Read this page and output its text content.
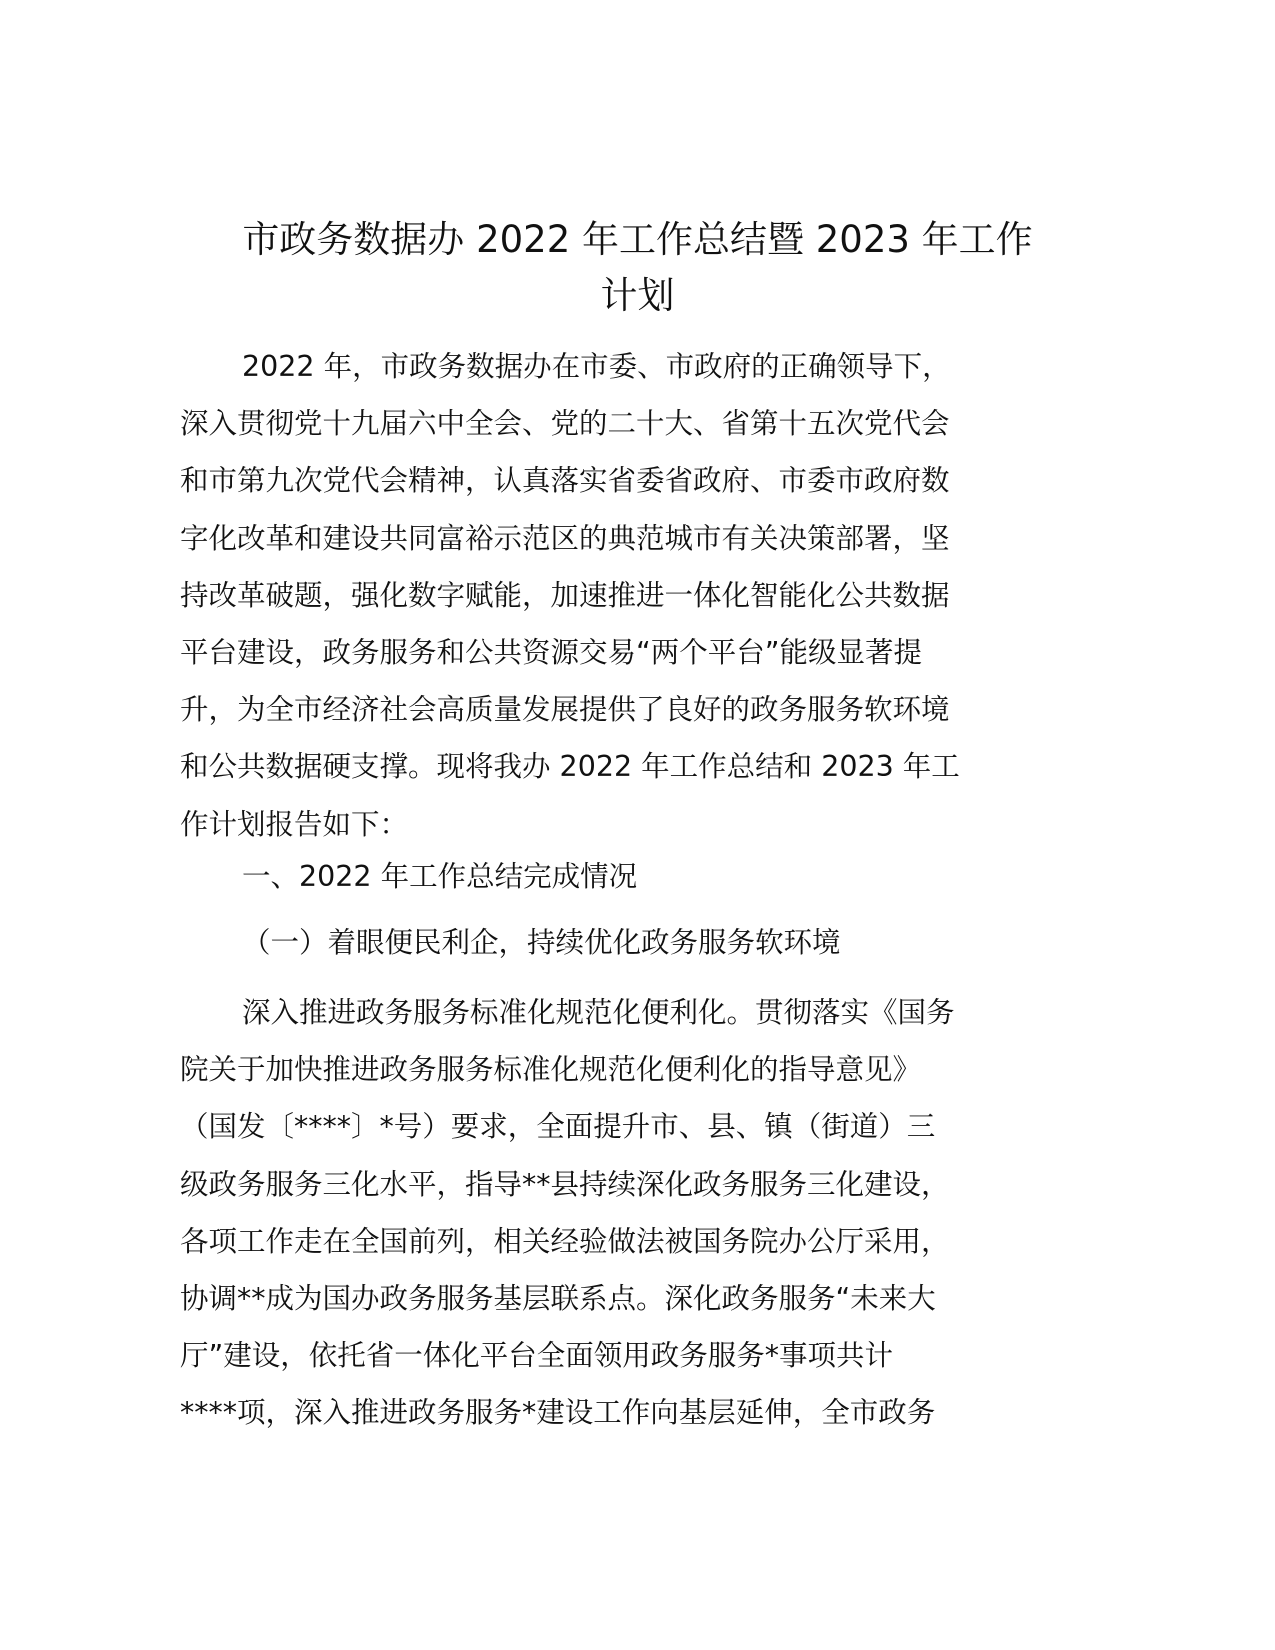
市政务数据办 2022 年工作总结暨 2023 年工作
计划
2022 年，市政务数据办在市委、市政府的正确领导下，
深入贯彻党十九届六中全会、党的二十大、省第十五次党代会
和市第九次党代会精神，认真落实省委省政府、市委市政府数
字化改革和建设共同富裕示范区的典范城市有关决策部署，坚
持改革破题，强化数字赋能，加速推进一体化智能化公共数据
平台建设，政务服务和公共资源交易“两个平台”能级显著提
升，为全市经济社会高质量发展提供了良好的政务服务软环境
和公共数据硬支撑。现将我办 2022 年工作总结和 2023 年工
作计划报告如下：
一、2022 年工作总结完成情况
（一）着眼便民利企，持续优化政务服务软环境
深入推进政务服务标准化规范化便利化。贯彻落实《国务
院关于加快推进政务服务标准化规范化便利化的指导意见》
（国发〔****〕*号）要求，全面提升市、县、镇（街道）三
级政务服务三化水平，指导**县持续深化政务服务三化建设，
各项工作走在全国前列，相关经验做法被国务院办公厅采用，
协调**成为国办政务服务基层联系点。深化政务服务“未来大
厅”建设，依托省一体化平台全面领用政务服务*事项共计
****项，深入推进政务服务*建设工作向基层延伸，全市政务
